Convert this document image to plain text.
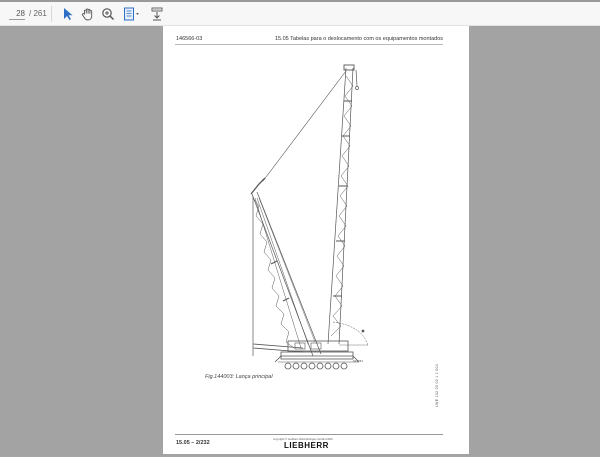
28
/ 261
146566-03	15.05 Tabelas para o deslocamento com os equipamentos montados
029781
Fig.144003: Lança principal	LWE 102 00 02 1 1 004
15.05 – 2/232
copyright © Liebherr-Werk Ehingen GmbH 2020
LIEBHERR
